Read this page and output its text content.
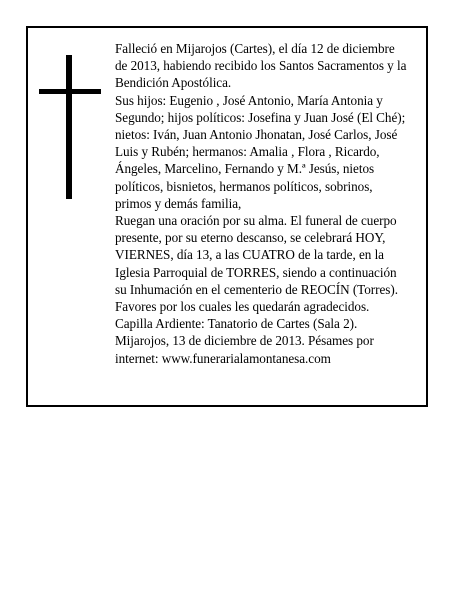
Falleció en Mijarojos (Cartes), el día 12 de diciembre
de 2013, habiendo recibido los Santos Sacramentos y la
Bendición Apostólica.

Sus hijos: Eugenio , José Antonio, María Antonia y
Segundo; hijos políticos: Josefina y Juan José (El Ché);
nietos: Iván, Juan Antonio Jhonatan, José Carlos, José
Luis y Rubén; hermanos: Amalia , Flora , Ricardo,
Ángeles, Marcelino, Fernando y M.ª Jesús, nietos
políticos, bisnietos, hermanos políticos, sobrinos,
primos y demás familia,

Ruegan una oración por su alma. El funeral de cuerpo
presente, por su eterno descanso, se celebrará HOY,
VIERNES, día 13, a las CUATRO de la tarde, en la
Iglesia Parroquial de TORRES, siendo a continuación
su Inhumación en el cementerio de REOCÍN (Torres).
Favores por los cuales les quedarán agradecidos.
Capilla Ardiente: Tanatorio de Cartes (Sala 2).
Mijarojos, 13 de diciembre de 2013. Pésames por
internet: www.funerarialamontanesa.com
